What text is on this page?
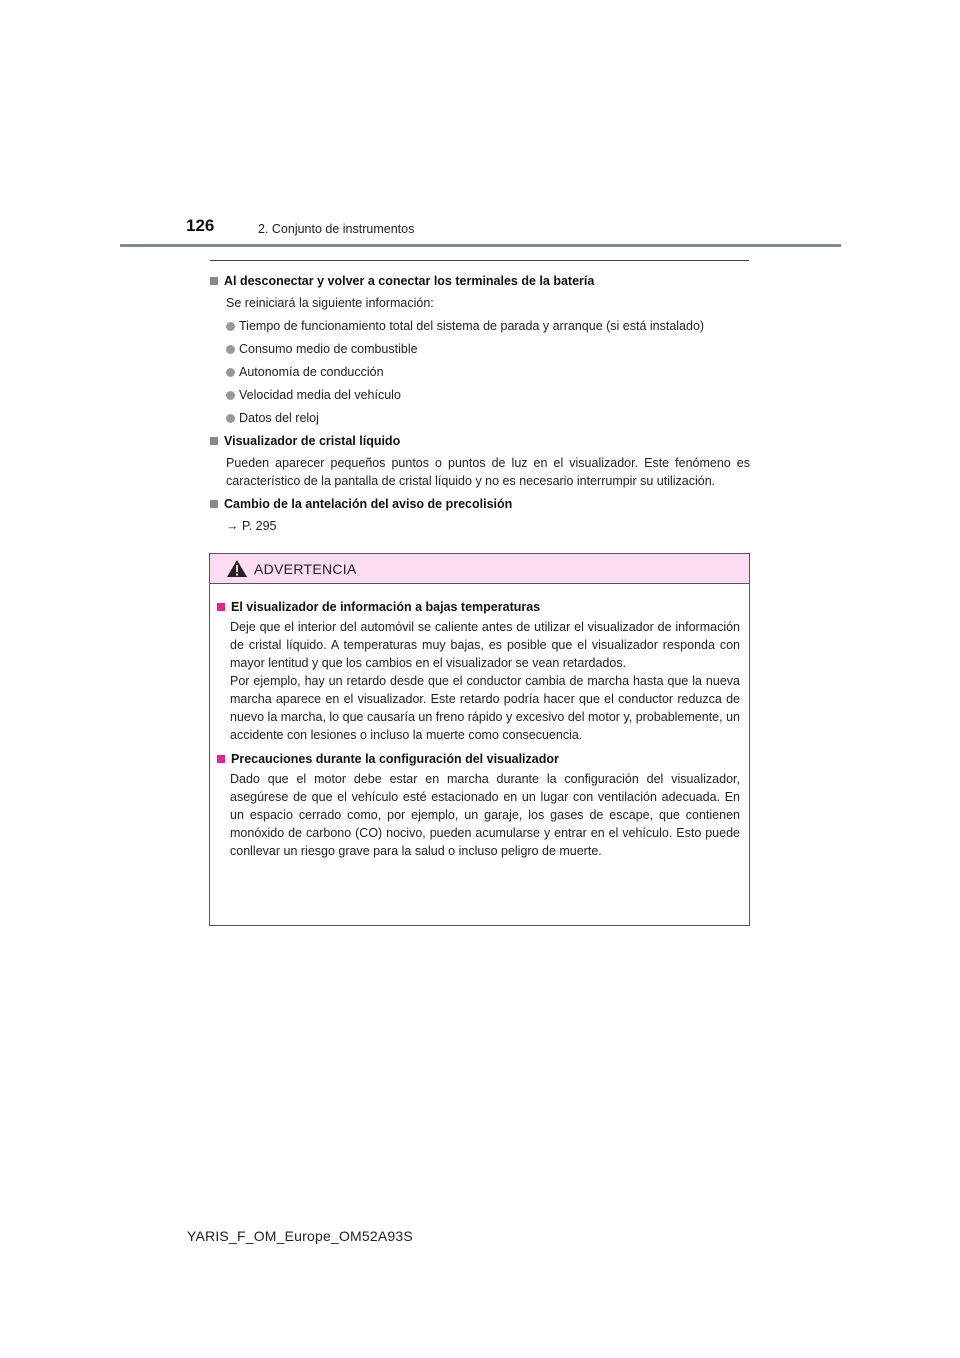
126	2. Conjunto de instrumentos
Al desconectar y volver a conectar los terminales de la batería
Se reiniciará la siguiente información:
Tiempo de funcionamiento total del sistema de parada y arranque (si está instalado)
Consumo medio de combustible
Autonomía de conducción
Velocidad media del vehículo
Datos del reloj
Visualizador de cristal líquido
Pueden aparecer pequeños puntos o puntos de luz en el visualizador. Este fenómeno es característico de la pantalla de cristal líquido y no es necesario interrumpir su utilización.
Cambio de la antelación del aviso de precolisión
→ P. 295
ADVERTENCIA
El visualizador de información a bajas temperaturas
Deje que el interior del automóvil se caliente antes de utilizar el visualizador de información de cristal líquido. A temperaturas muy bajas, es posible que el visualizador responda con mayor lentitud y que los cambios en el visualizador se vean retardados.
Por ejemplo, hay un retardo desde que el conductor cambia de marcha hasta que la nueva marcha aparece en el visualizador. Este retardo podría hacer que el conductor reduzca de nuevo la marcha, lo que causaría un freno rápido y excesivo del motor y, probablemente, un accidente con lesiones o incluso la muerte como consecuencia.
Precauciones durante la configuración del visualizador
Dado que el motor debe estar en marcha durante la configuración del visualizador, asegúrese de que el vehículo esté estacionado en un lugar con ventilación adecuada. En un espacio cerrado como, por ejemplo, un garaje, los gases de escape, que contienen monóxido de carbono (CO) nocivo, pueden acumularse y entrar en el vehículo. Esto puede conllevar un riesgo grave para la salud o incluso peligro de muerte.
YARIS_F_OM_Europe_OM52A93S
